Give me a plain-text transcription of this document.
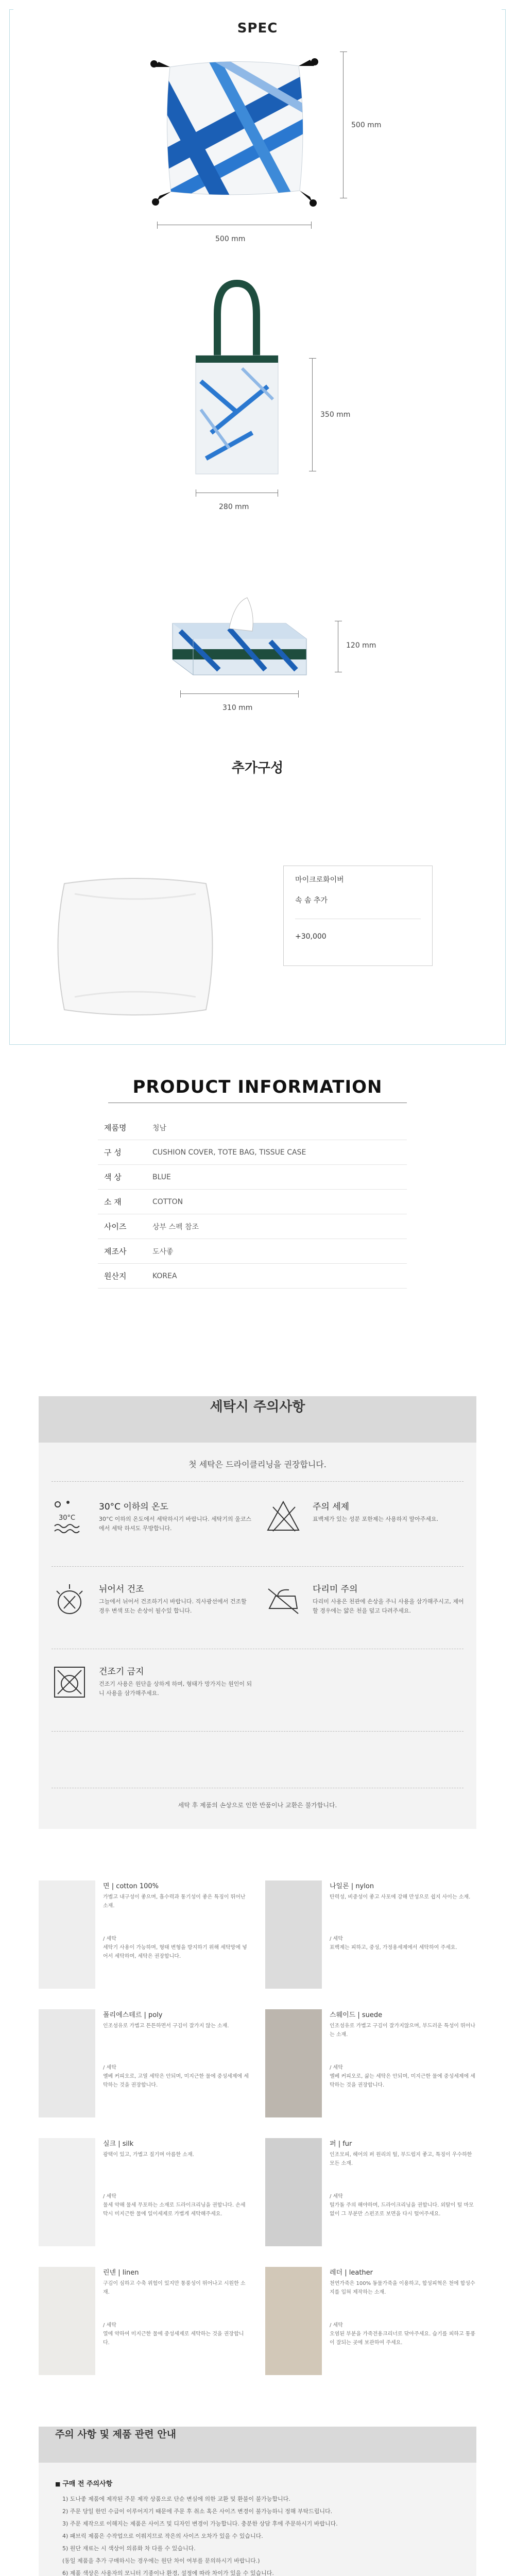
SPEC
500 mm
500 mm
350 mm
280 mm
120 mm
310 mm
추가구성
마이크로화이버
속 솜 추가
+30,000
PRODUCT INFORMATION
제품명	청남
구 성	CUSHION COVER, TOTE BAG, TISSUE CASE
색 상	BLUE
소 재	COTTON
사이즈	상부 스펙 참조
제조사	도사좋
원산지	KOREA
세탁시 주의사항
첫 세탁은 드라이클리닝을 권장합니다.
30°C
30°C 이하의 온도
30°C 이하의 온도에서 세탁하시기 바랍니다. 세탁기의 울코스에서 세탁 하셔도 무방합니다.
주의 세제
표백제가 있는 성분 포한제는 사용하지 말아주세요.
뉘어서 건조
그늘에서 뉘어서 건조하기시 바랍니다. 직사광선에서 건조할 경우 변색 또는 손상이 될수있 합니다.
다리미 주의
다리미 사용은 천관에 손상을 주니 사용을 삼가해주시고, 제어 할 경우에는 얇은 천을 덮고 다려주세요.
건조기 금지
건조기 사용은 원단을 상하게 하며, 형태가 망가지는 원인이 되니 사용을 삼가해주세요.
세탁 후 제품의 손상으로 인한 반품이나 교환은 불가합니다.
면 | cotton 100%
가볍고 내구성이 좋으며, 흡수력과 통기성이 좋은 특징이 뛰어난 소재.
/ 세탁
세탁기 사용이 가능하며, 형태 변형을 방지하기 위해 세탁망에 넣어서 세탁하며, 세탁은 권장합니다.
나일론 | nylon
탄력성, 비중성이 좋고 사포에 강해 만성으로 쉽지 사이는 소재.
/ 세탁
표백제는 피하고, 중성, 가정용세제에서 세탁하여 주세요.
폴리에스테르 | poly
인조섬유로 가볍고 튼튼하면서 구김이 잘가지 않는 소재.
/ 세탁
옐베 커피오로, 고열 세탁은 안되며, 미지근한 물에 중성세제에 세탁하는 것을 권장합니다.
스웨이드 | suede
인조섬유로 가볍고 구김이 잘가지않으며, 부드러운 특성이 뛰어나는 소재.
/ 세탁
옐베 커피오로, 삶는 세탁은 안되며, 미지근한 물에 중성세제에 세탁하는 것을 권장합니다.
실크 | silk
광택이 있고, 가볍고 질기며 아름한 소재.
/ 세탁
물세 약해 물세 무포하는 소재로 드라이크리닝을 권합니다. 손세탁시 미지근한 물에 일이세제로 가볍게 세탁해주세요.
퍼 | fur
인조모피, 헤어의 퍼 원리의 털, 부드럽지 좋고, 특징이 우수하한 모든 소재.
/ 세탁
털가돌 주의 해야하며, 드라이크리닝을 권합니다. 외탈이 털 마모없이 그 부분만 스펀조로 보면을 다시 털어주세요.
린넨 | linen
구김이 심하고 수축 위험이 있지만 통풍성이 뛰어나고 시원한 소재.
/ 세탁
열에 약하여 미지근한 물에 중성세제로 세탁하는 것을 권장합니다.
레더 | leather
천연가죽은 100% 동물가죽을 이용하고, 합성피혁은 천에 합성수지를 입혀 제작하는 소재.
/ 세탁
오염된 부분을 가죽전용크리너로 닦아주세요. 습기를 피하고 통풍이 잘되는 곳에 보관하여 주세요.
주의 사항 및 제품 관련 안내
■ 구매 전 주의사항
1) 도나좋 제품에 제작된 주문 제작 상품으로 단순 변심에 의한 교환 및 환불이 불가능합니다.
2) 주문 당일 한민 수급이 이루어지기 때문에 주문 후 취소 혹은 사이즈 변경이 불가능하니 정해 부탁드립니다.
3) 주문 제작으로 이해지는 제품은 사이즈 및 디자인 변경이 가능합니다. 충분한 상담 후에 주문하시기 바랍니다.
4) 패브릭 제품은 수작업으로 이뤄지므로 작은의 사이즈 오차가 있을 수 있습니다.
5) 원단 재료는 시 색상이 의류화 차 다를 수 있습니다.
(동일 제품을 추가 구매하시는 경우에는 원단 차이 여부를 문의하시기 바랍니다.)
6) 제품 색상은 사용자의 모니터 기종이나 환경, 설정에 따라 차이가 있을 수 있습니다.
